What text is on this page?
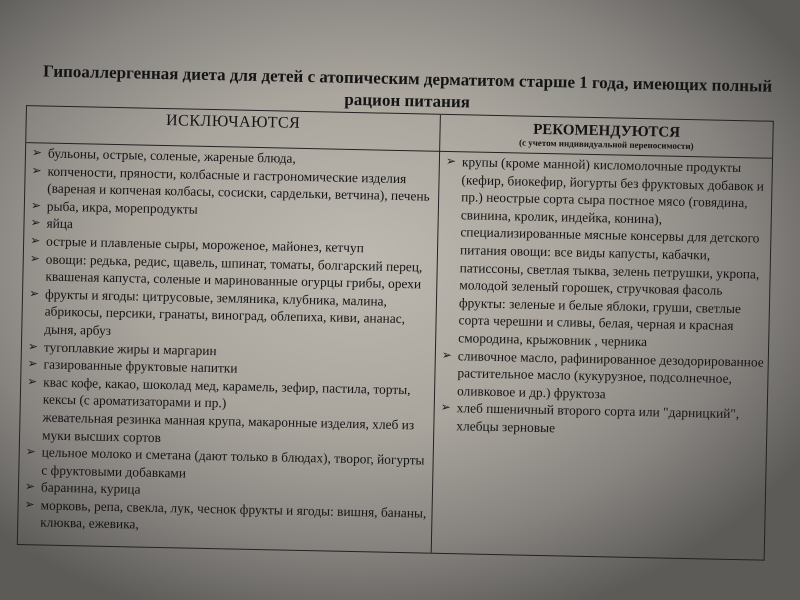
Гипоаллергенная диета для детей с атопическим дерматитом старше 1 года, имеющих полный рацион питания
ИСКЛЮЧАЮТСЯ	РЕКОМЕНДУЮТСЯ
(с учетом индивидуальной переносимости)
➢ бульоны, острые, соленые, жареные блюда,
➢ копчености, пряности, колбасные и гастрономические изделия (вареная и копченая колбасы, сосиски, сардельки, ветчина), печень
➢ рыба, икра, морепродукты
➢ яйца
➢ острые и плавленые сыры, мороженое, майонез, кетчуп
➢ овощи: редька, редис, щавель, шпинат, томаты, болгарский перец, квашеная капуста, соленые и маринованные огурцы грибы, орехи
➢ фрукты и ягоды: цитрусовые, земляника, клубника, малина, абрикосы, персики, гранаты, виноград, облепиха, киви, ананас, дыня, арбуз
➢ тугоплавкие жиры и маргарин
➢ газированные фруктовые напитки
➢ квас кофе, какао, шоколад мед, карамель, зефир, пастила, торты, кексы (с ароматизаторами и пр.)
жевательная резинка манная крупа, макаронные изделия, хлеб из муки высших сортов
➢ цельное молоко и сметана (дают только в блюдах), творог, йогурты с фруктовыми добавками
➢ баранина, курица
➢ морковь, репа, свекла, лук, чеснок фрукты и ягоды: вишня, бананы, клюква, ежевика,
➢ крупы (кроме манной) кисломолочные продукты (кефир, биокефир, йогурты без фруктовых добавок и пр.) неострые сорта сыра постное мясо (говядина, свинина, кролик, индейка, конина), специализированные мясные консервы для детского питания овощи: все виды капусты, кабачки, патиссоны, светлая тыква, зелень петрушки, укропа, молодой зеленый горошек, стручковая фасоль фрукты: зеленые и белые яблоки, груши, светлые сорта черешни и сливы, белая, черная и красная смородина, крыжовник , черника
➢ сливочное масло, рафинированное дезодорированное растительное масло (кукурузное, подсолнечное, оливковое и др.) фруктоза
➢ хлеб пшеничный второго сорта или "дарницкий", хлебцы зерновые
